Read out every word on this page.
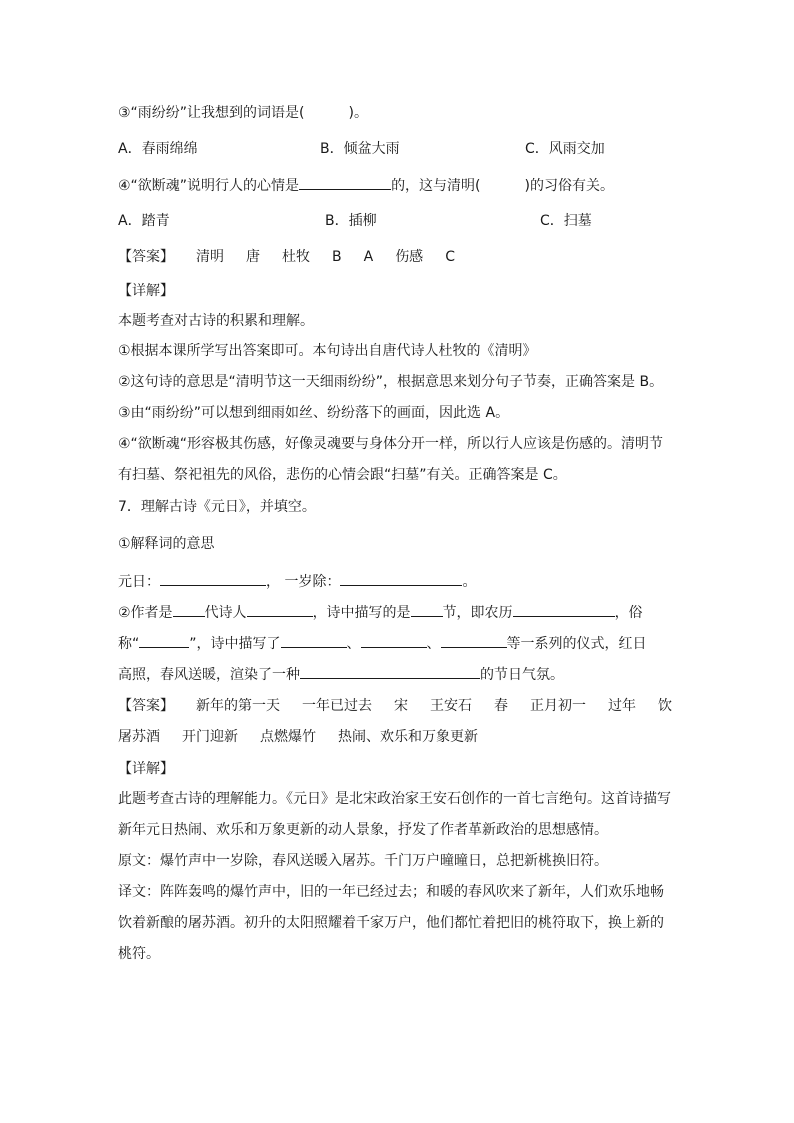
③“雨纷纷”让我想到的词语是(	)。
A．春雨绵绵	B．倾盆大雨	C．风雨交加
④“欲断魂”说明行人的心情是	的，这与清明(	)的习俗有关。
A．踏青	B．插柳	C．扫墓
【答案】 清明 唐 杜牧 B A 伤感 C
【详解】
本题考查对古诗的积累和理解。
①根据本课所学写出答案即可。本句诗出自唐代诗人杜牧的《清明》
②这句诗的意思是“清明节这一天细雨纷纷”，根据意思来划分句子节奏，正确答案是 B。
③由“雨纷纷”可以想到细雨如丝、纷纷落下的画面，因此选 A。
④“欲断魂“形容极其伤感，好像灵魂要与身体分开一样，所以行人应该是伤感的。清明节
有扫墓、祭祀祖先的风俗，悲伤的心情会跟“扫墓”有关。正确答案是 C。
7．理解古诗《元日》，并填空。
①解释词的意思
元日：	， 一岁除：	。
②作者是 代诗人	，诗中描写的是 节，即农历	，俗
称“	”，诗中描写了	、	、	等一系列的仪式，红日
高照，春风送暖，渲染了一种	的节日气氛。
【答案】 新年的第一天 一年已过去 宋 王安石 春 正月初一 过年 饮
屠苏酒 开门迎新 点燃爆竹 热闹、欢乐和万象更新
【详解】
此题考查古诗的理解能力。《元日》是北宋政治家王安石创作的一首七言绝句。这首诗描写
新年元日热闹、欢乐和万象更新的动人景象，抒发了作者革新政治的思想感情。
原文：爆竹声中一岁除，春风送暖入屠苏。千门万户曈曈日，总把新桃换旧符。
译文：阵阵轰鸣的爆竹声中，旧的一年已经过去；和暖的春风吹来了新年，人们欢乐地畅
饮着新酿的屠苏酒。初升的太阳照耀着千家万户，他们都忙着把旧的桃符取下，换上新的
桃符。
